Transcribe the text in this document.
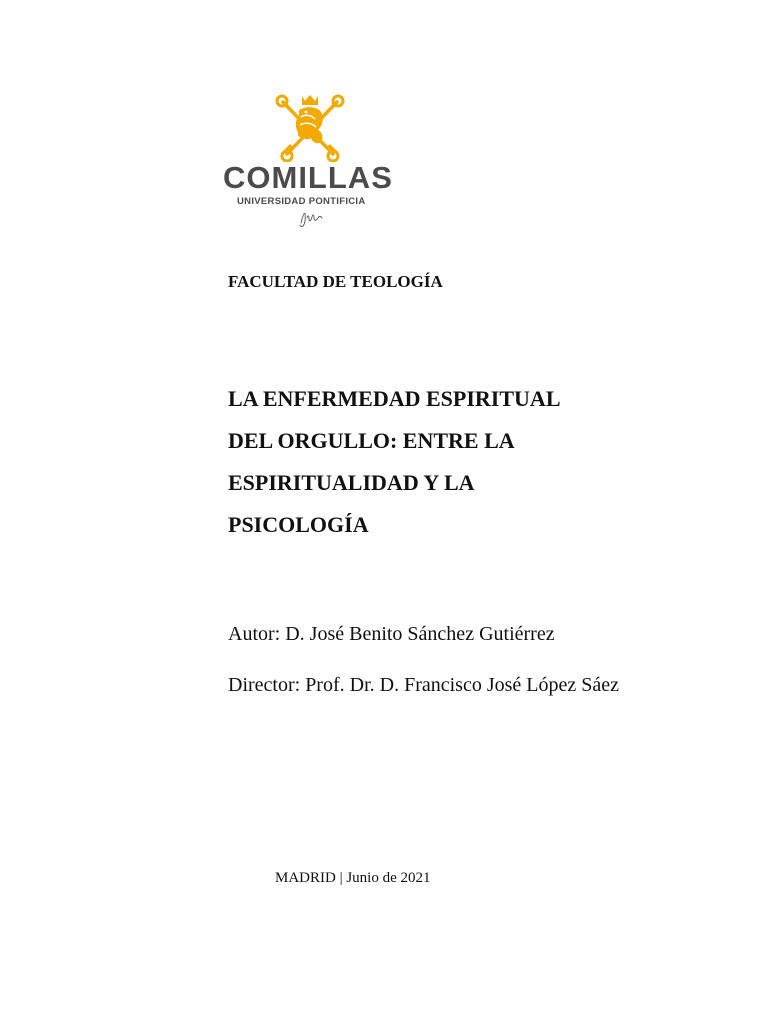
COMILLAS
UNIVERSIDAD PONTIFICIA
FACULTAD DE TEOLOGÍA
LA ENFERMEDAD ESPIRITUAL
DEL ORGULLO: ENTRE LA
ESPIRITUALIDAD Y LA
PSICOLOGÍA
Autor: D. José Benito Sánchez Gutiérrez
Director: Prof. Dr. D. Francisco José López Sáez
MADRID | Junio de 2021
